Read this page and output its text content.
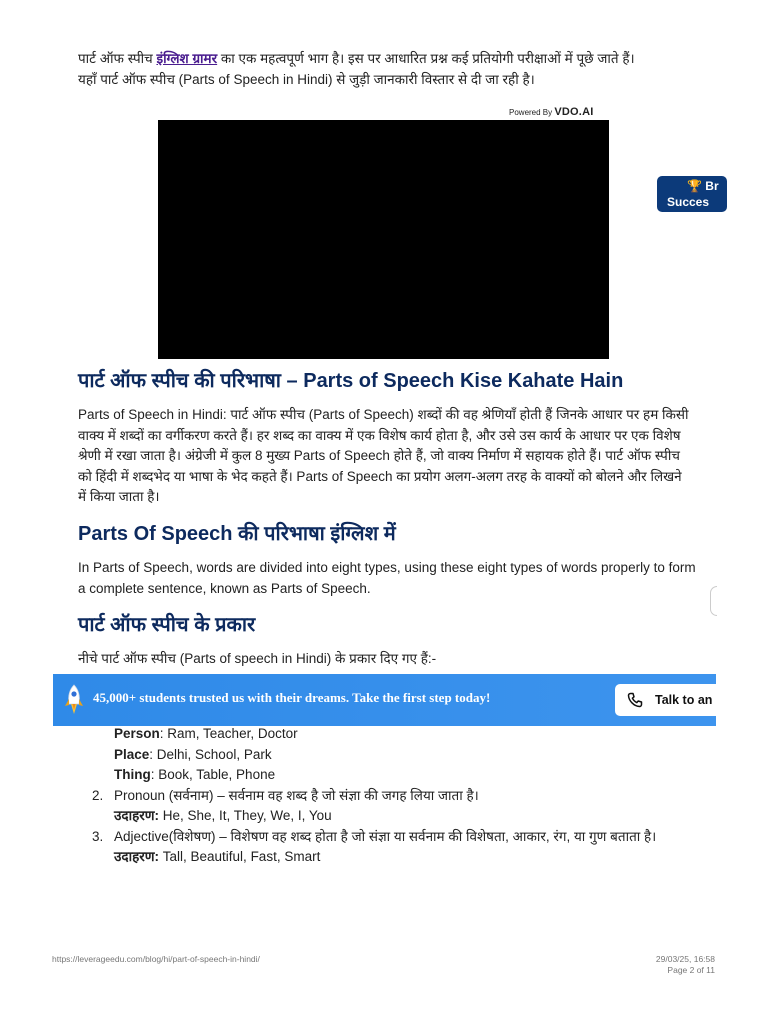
पार्ट ऑफ स्पीच इंग्लिश ग्रामर का एक महत्वपूर्ण भाग है। इस पर आधारित प्रश्न कई प्रतियोगी परीक्षाओं में पूछे जाते हैं।
यहाँ पार्ट ऑफ स्पीच (Parts of Speech in Hindi) से जुड़ी जानकारी विस्तार से दी जा रही है।
Powered By VDO.AI
🏆 Br
Succes
पार्ट ऑफ स्पीच की परिभाषा – Parts of Speech Kise Kahate Hain

Parts of Speech in Hindi: पार्ट ऑफ स्पीच (Parts of Speech) शब्दों की वह श्रेणियाँ होती हैं जिनके आधार पर हम किसी वाक्य में शब्दों का वर्गीकरण करते हैं। हर शब्द का वाक्य में एक विशेष कार्य होता है, और उसे उस कार्य के आधार पर एक विशेष श्रेणी में रखा जाता है। अंग्रेजी में कुल 8 मुख्य Parts of Speech होते हैं, जो वाक्य निर्माण में सहायक होते हैं। पार्ट ऑफ स्पीच को हिंदी में शब्दभेद या भाषा के भेद कहते हैं। Parts of Speech का प्रयोग अलग-अलग तरह के वाक्यों को बोलने और लिखने में किया जाता है।

Parts Of Speech की परिभाषा इंग्लिश में

In Parts of Speech, words are divided into eight types, using these eight types of words properly to form a complete sentence, known as Parts of Speech.

पार्ट ऑफ स्पीच के प्रकार

नीचे पार्ट ऑफ स्पीच (Parts of speech in Hindi) के प्रकार दिए गए हैं:-

45,000+ students trusted us with their dreams. Take the first step today!	Talk to an
Person: Ram, Teacher, Doctor
Place: Delhi, School, Park
Thing: Book, Table, Phone
2. Pronoun (सर्वनाम) – सर्वनाम वह शब्द है जो संज्ञा की जगह लिया जाता है।
उदाहरण: He, She, It, They, We, I, You
3. Adjective(विशेषण) – विशेषण वह शब्द होता है जो संज्ञा या सर्वनाम की विशेषता, आकार, रंग, या गुण बताता है।
उदाहरण: Tall, Beautiful, Fast, Smart
https://leverageedu.com/blog/hi/part-of-speech-in-hindi/	29/03/25, 16:58
Page 2 of 11
